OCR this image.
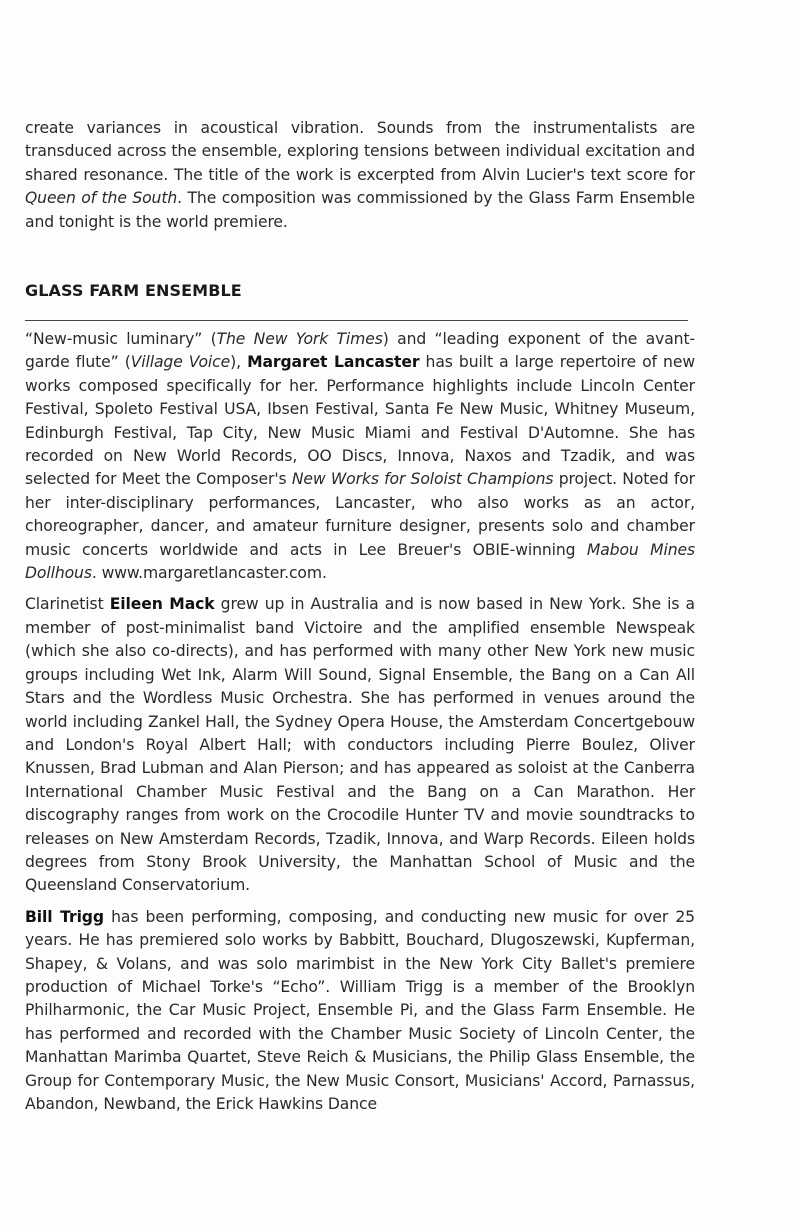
create variances in acoustical vibration. Sounds from the instrumentalists are transduced across the ensemble, exploring tensions between individual excitation and shared resonance. The title of the work is excerpted from Alvin Lucier's text score for Queen of the South. The composition was commissioned by the Glass Farm Ensemble and tonight is the world premiere.

GLASS FARM ENSEMBLE

“New-music luminary” (The New York Times) and “leading exponent of the avant-garde flute” (Village Voice), Margaret Lancaster has built a large repertoire of new works composed specifically for her. Performance highlights include Lincoln Center Festival, Spoleto Festival USA, Ibsen Festival, Santa Fe New Music, Whitney Museum, Edinburgh Festival, Tap City, New Music Miami and Festival D'Automne. She has recorded on New World Records, OO Discs, Innova, Naxos and Tzadik, and was selected for Meet the Composer's New Works for Soloist Champions project. Noted for her inter-disciplinary performances, Lancaster, who also works as an actor, choreographer, dancer, and amateur furniture designer, presents solo and chamber music concerts worldwide and acts in Lee Breuer's OBIE-winning Mabou Mines Dollhous. www.margaretlancaster.com.

Clarinetist Eileen Mack grew up in Australia and is now based in New York. She is a member of post-minimalist band Victoire and the amplified ensemble Newspeak (which she also co-directs), and has performed with many other New York new music groups including Wet Ink, Alarm Will Sound, Signal Ensemble, the Bang on a Can All Stars and the Wordless Music Orchestra. She has performed in venues around the world including Zankel Hall, the Sydney Opera House, the Amsterdam Concertgebouw and London's Royal Albert Hall; with conductors including Pierre Boulez, Oliver Knussen, Brad Lubman and Alan Pierson; and has appeared as soloist at the Canberra International Chamber Music Festival and the Bang on a Can Marathon. Her discography ranges from work on the Crocodile Hunter TV and movie soundtracks to releases on New Amsterdam Records, Tzadik, Innova, and Warp Records. Eileen holds degrees from Stony Brook University, the Manhattan School of Music and the Queensland Conservatorium.

Bill Trigg has been performing, composing, and conducting new music for over 25 years. He has premiered solo works by Babbitt, Bouchard, Dlugoszewski, Kupferman, Shapey, & Volans, and was solo marimbist in the New York City Ballet's premiere production of Michael Torke's “Echo”. William Trigg is a member of the Brooklyn Philharmonic, the Car Music Project, Ensemble Pi, and the Glass Farm Ensemble. He has performed and recorded with the Chamber Music Society of Lincoln Center, the Manhattan Marimba Quartet, Steve Reich & Musicians, the Philip Glass Ensemble, the Group for Contemporary Music, the New Music Consort, Musicians' Accord, Parnassus, Abandon, Newband, the Erick Hawkins Dance
